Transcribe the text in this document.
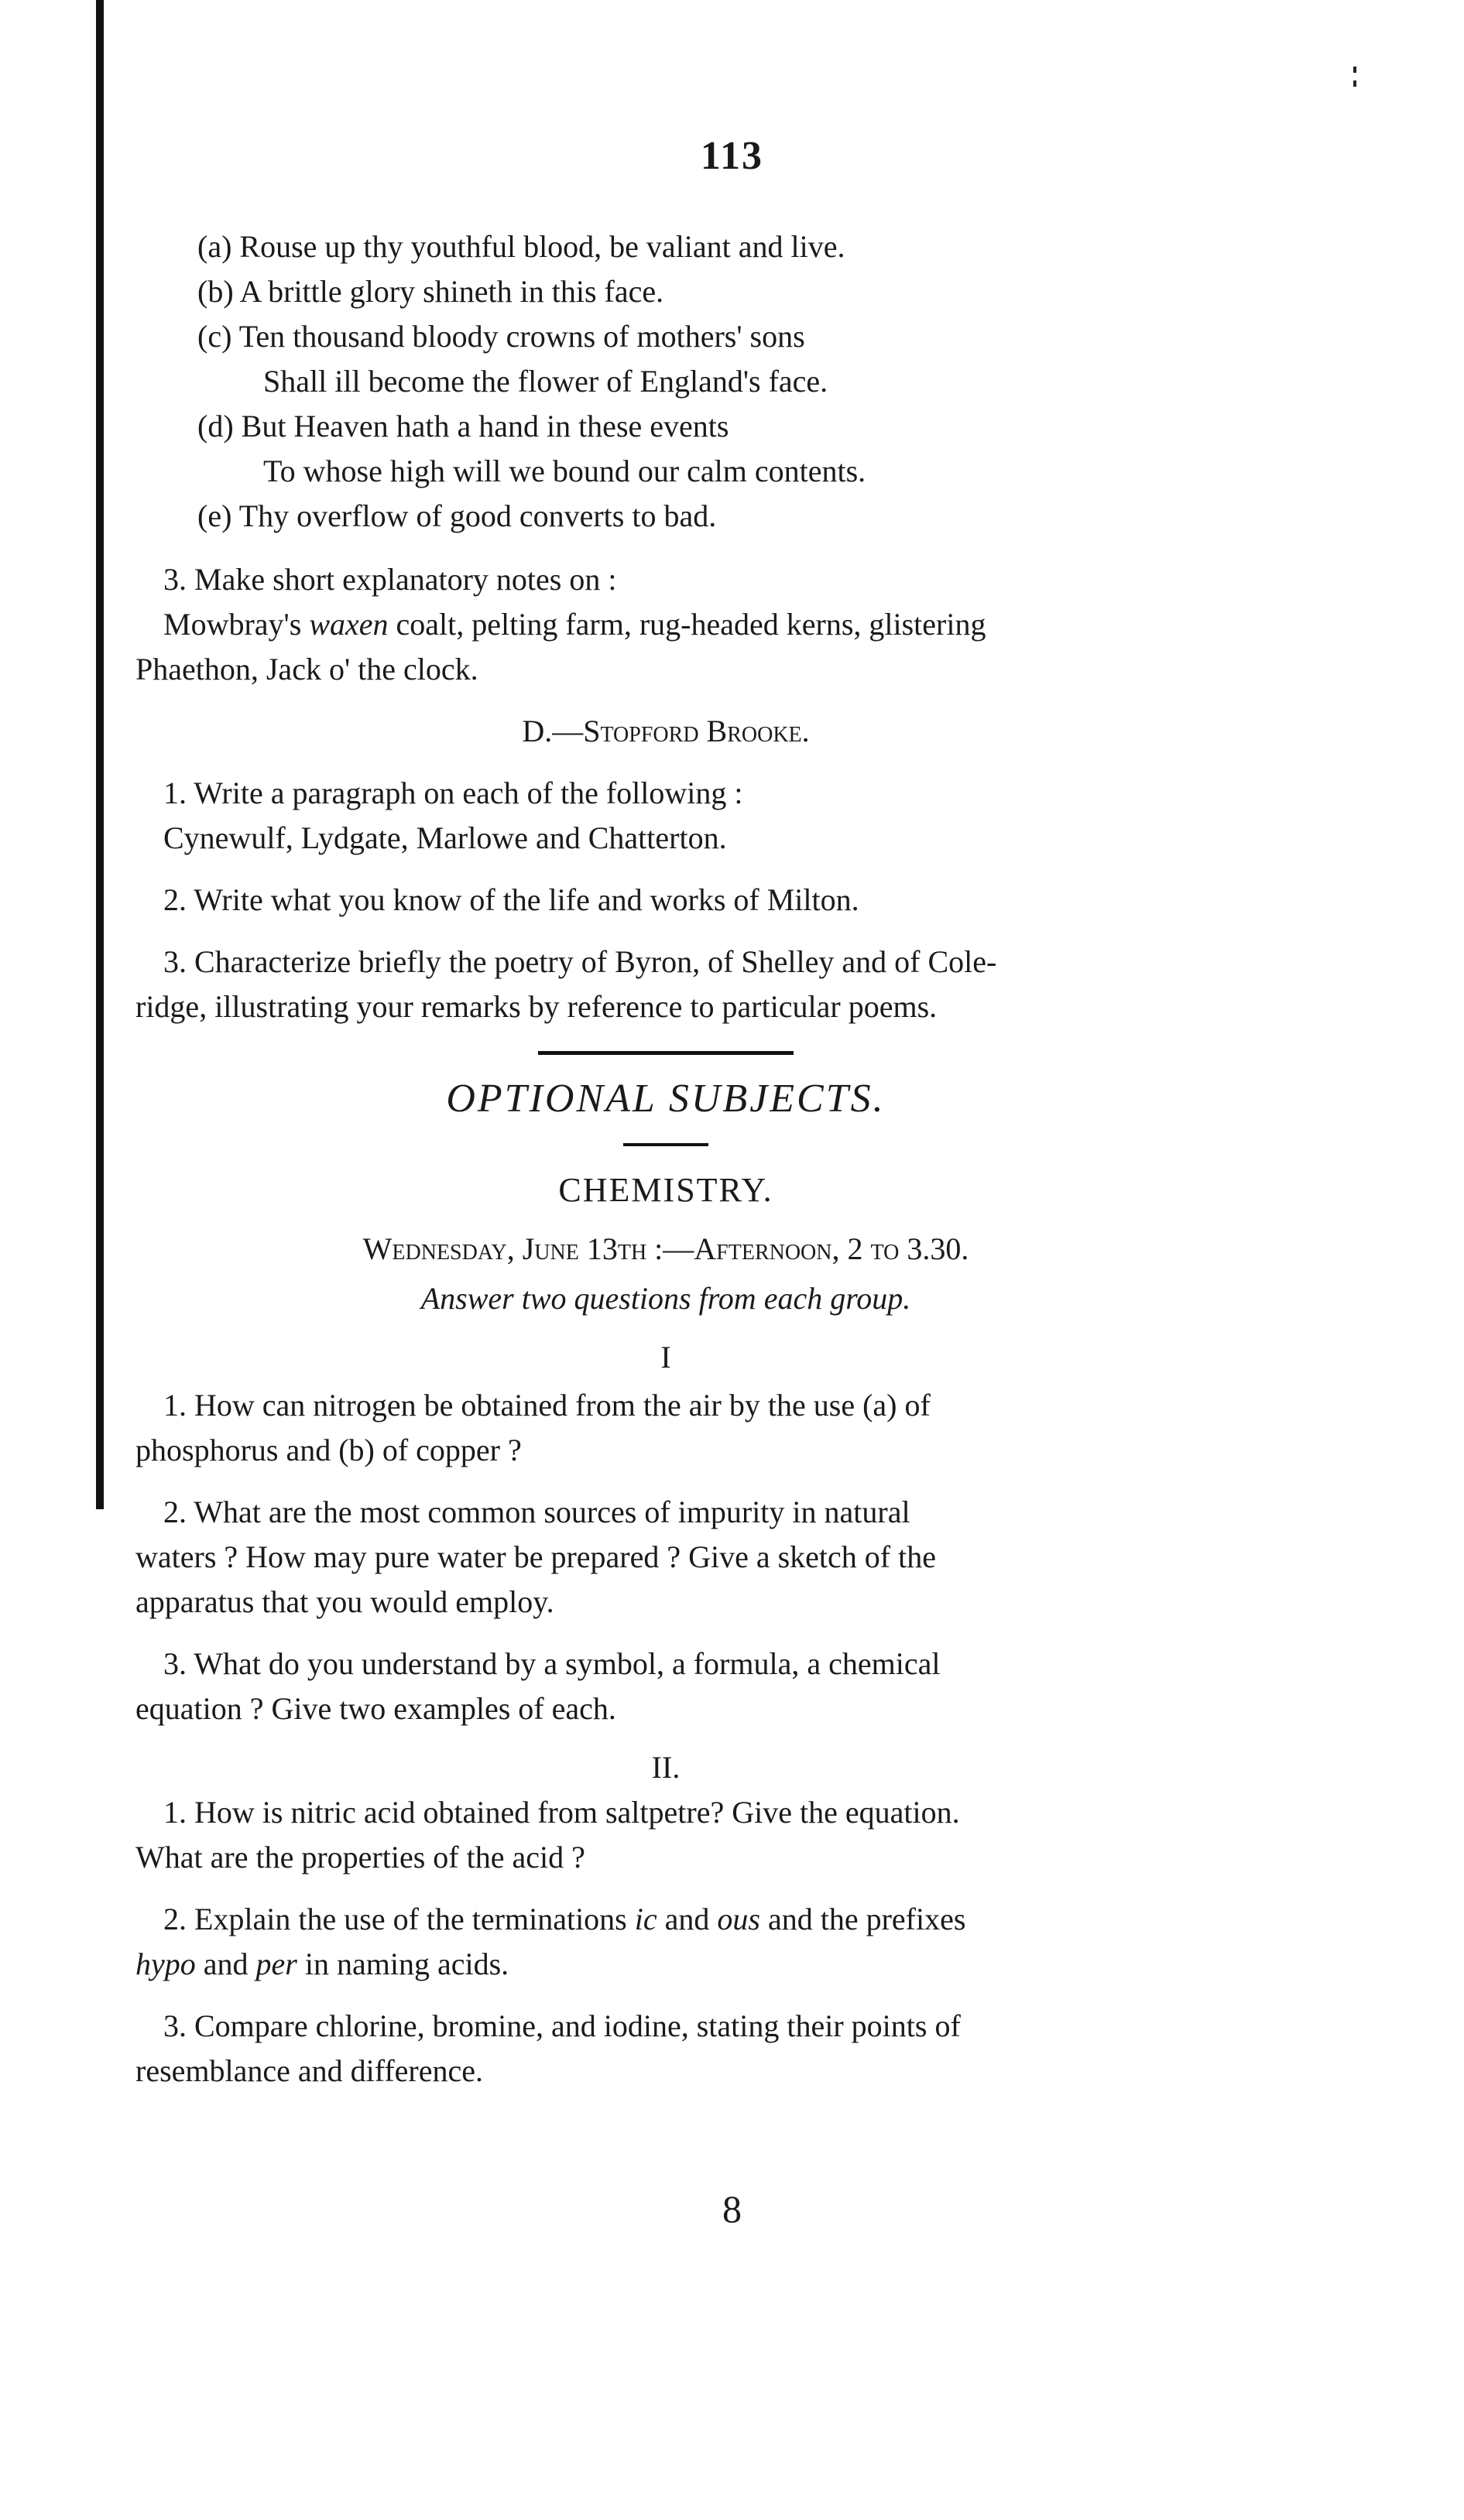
113
(a) Rouse up thy youthful blood, be valiant and live.
(b) A brittle glory shineth in this face.
(c) Ten thousand bloody crowns of mothers' sons
Shall ill become the flower of England's face.
(d) But Heaven hath a hand in these events
To whose high will we bound our calm contents.
(e) Thy overflow of good converts to bad.
3. Make short explanatory notes on :
Mowbray's waxen coalt, pelting farm, rug-headed kerns, glistering
Phaethon, Jack o' the clock.
D.—Stopford Brooke.
1. Write a paragraph on each of the following :
Cynewulf, Lydgate, Marlowe and Chatterton.
2. Write what you know of the life and works of Milton.
3. Characterize briefly the poetry of Byron, of Shelley and of Cole-
ridge, illustrating your remarks by reference to particular poems.
OPTIONAL SUBJECTS.
CHEMISTRY.
Wednesday, June 13th :—Afternoon, 2 to 3.30.
Answer two questions from each group.
I
1. How can nitrogen be obtained from the air by the use (a) of
phosphorus and (b) of copper ?
2. What are the most common sources of impurity in natural
waters ? How may pure water be prepared ? Give a sketch of the
apparatus that you would employ.
3. What do you understand by a symbol, a formula, a chemical
equation ? Give two examples of each.
II.
1. How is nitric acid obtained from saltpetre? Give the equation.
What are the properties of the acid ?
2. Explain the use of the terminations ic and ous and the prefixes
hypo and per in naming acids.
3. Compare chlorine, bromine, and iodine, stating their points of
resemblance and difference.
8
